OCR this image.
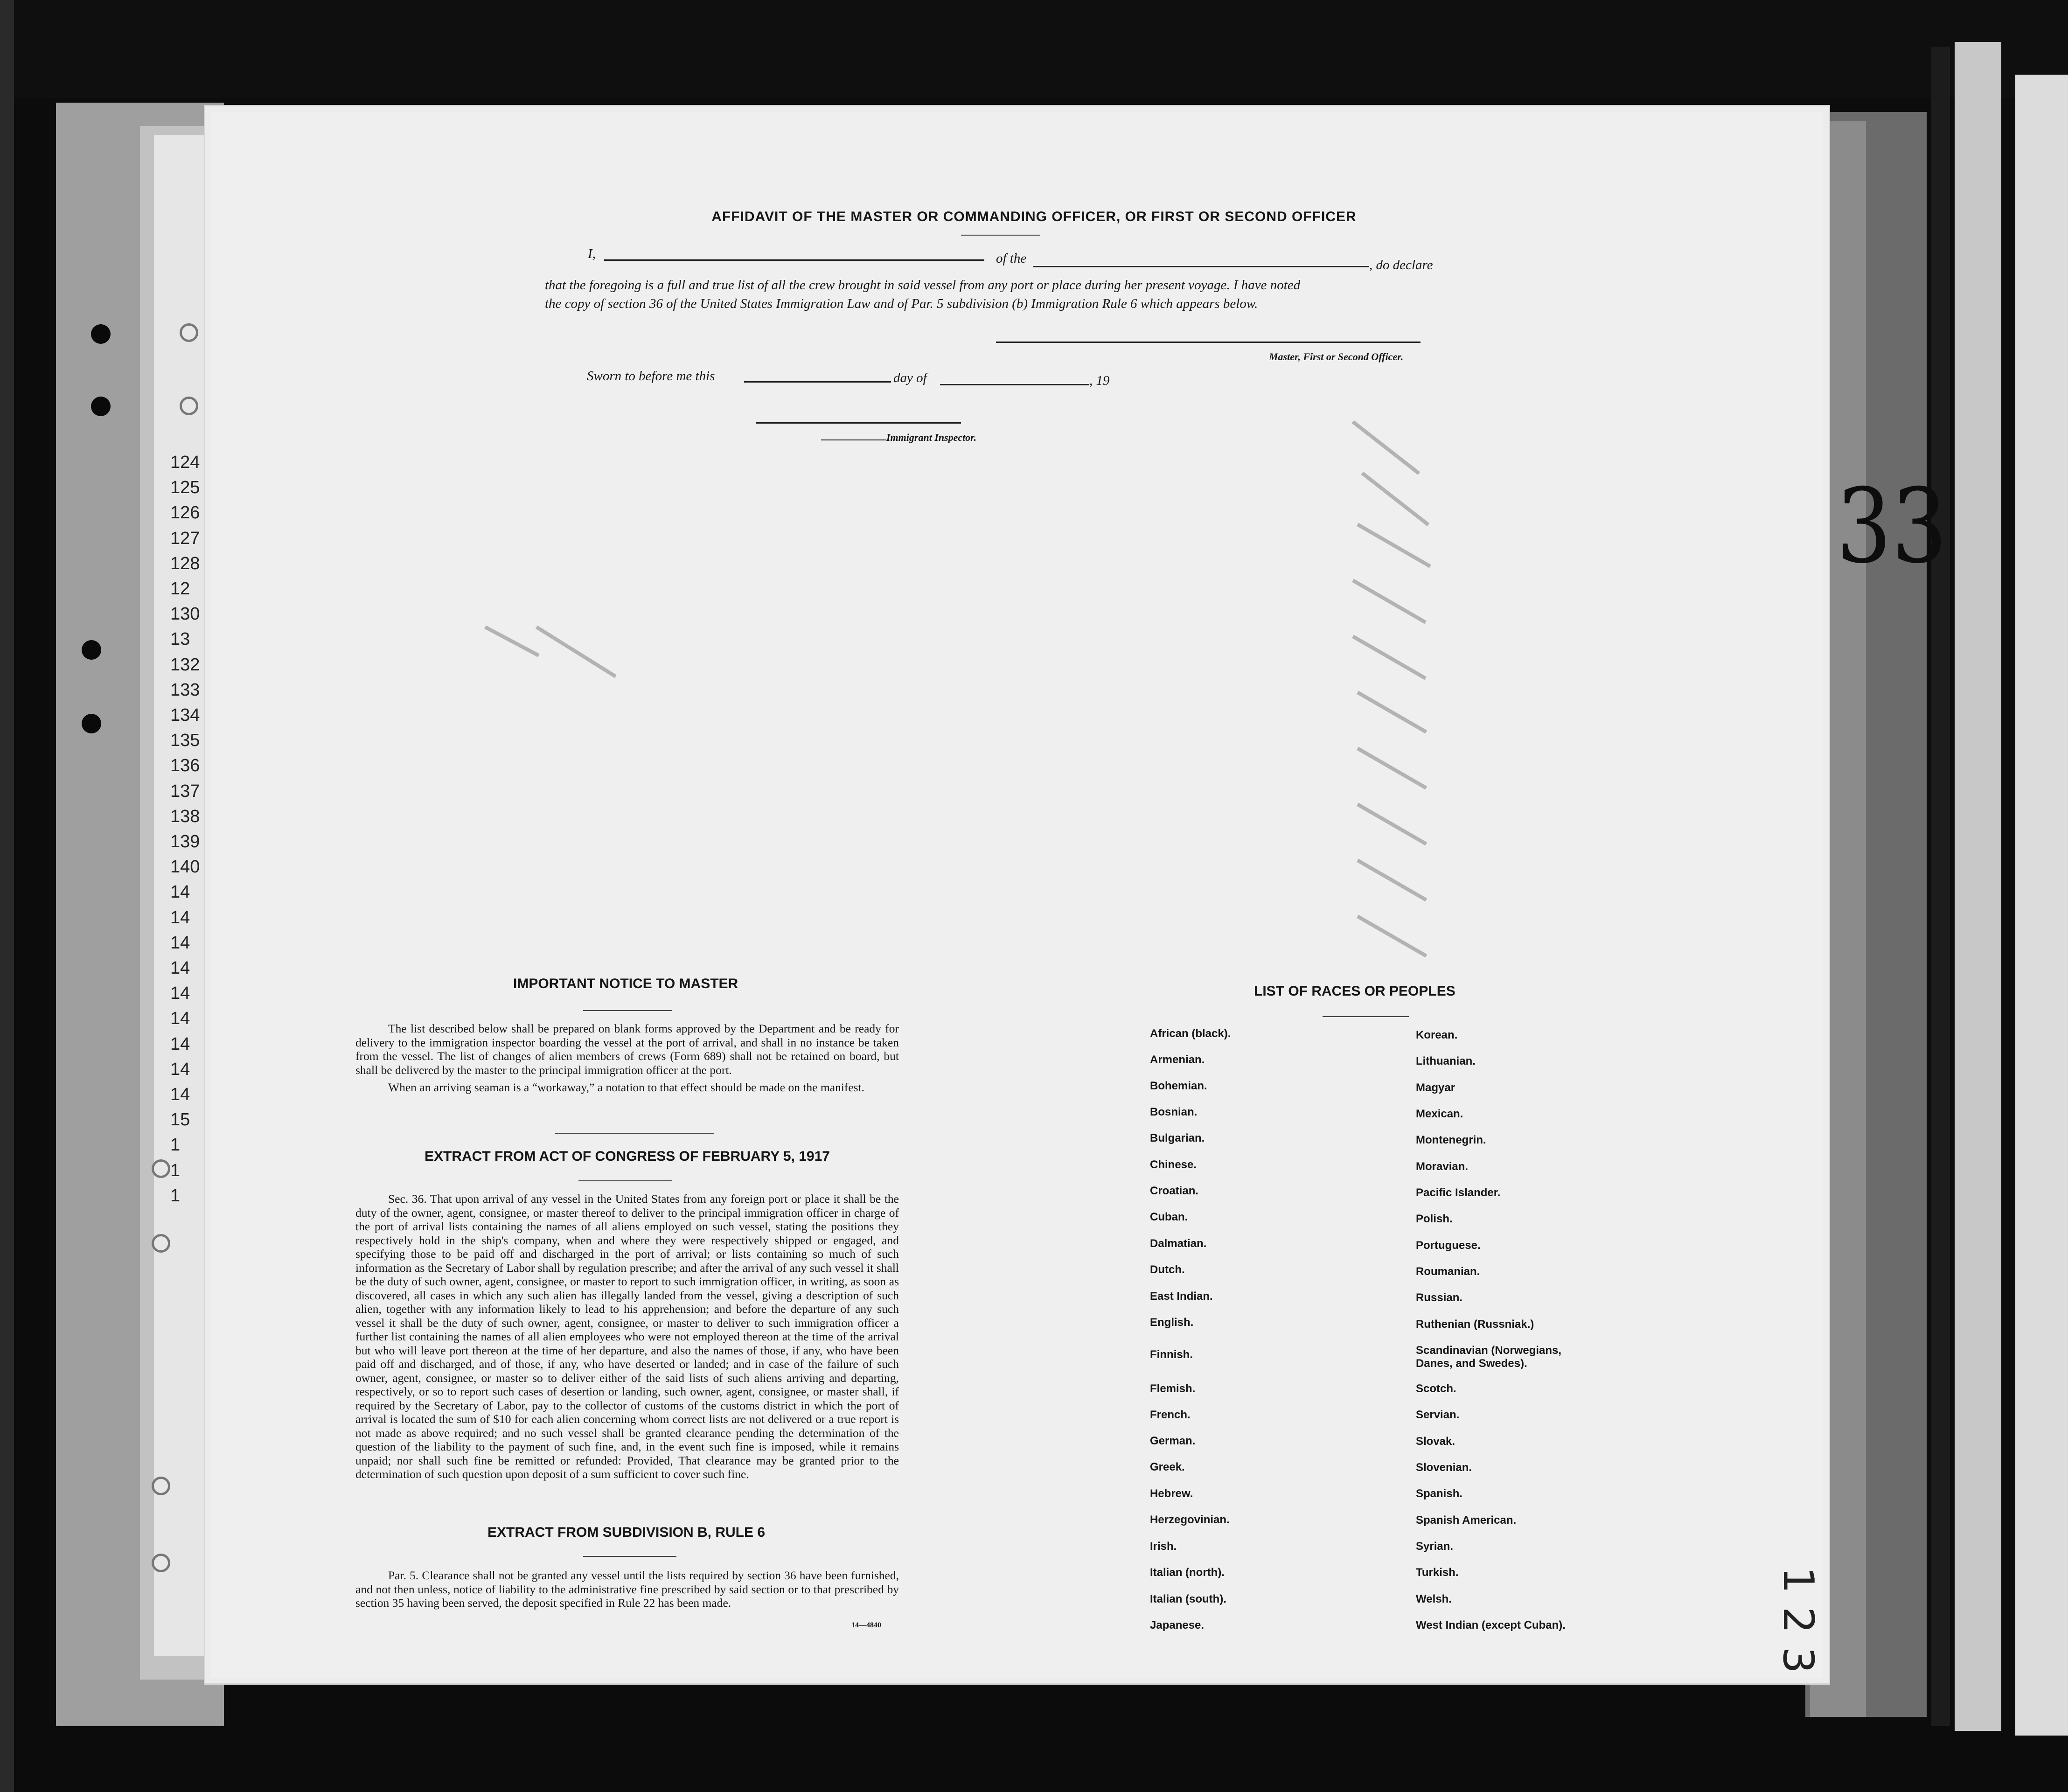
124
125
126
127
128
12
130
13
132
133
134
135
136
137
138
139
140
14
14
14
14
14
14
14
14
14
15
1
1
1
33
1 2 3
AFFIDAVIT OF THE MASTER OR COMMANDING OFFICER, OR FIRST OR SECOND OFFICER
I,	of the	, do declare
that the foregoing is a full and true list of all the crew brought in said vessel from any port or place during her present voyage. I have noted
the copy of section 36 of the United States Immigration Law and of Par. 5 subdivision (b) Immigration Rule 6 which appears below.
Master, First or Second Officer.
Sworn to before me this	day of	, 19
Immigrant Inspector.
IMPORTANT NOTICE TO MASTER

The list described below shall be prepared on blank forms approved by the Department and be ready for delivery to the immigration inspector boarding the vessel at the port of arrival, and shall in no instance be taken from the vessel. The list of changes of alien members of crews (Form 689) shall not be retained on board, but shall be delivered by the master to the principal immigration officer at the port.

When an arriving seaman is a “workaway,” a notation to that effect should be made on the manifest.

EXTRACT FROM ACT OF CONGRESS OF FEBRUARY 5, 1917

Sec. 36. That upon arrival of any vessel in the United States from any foreign port or place it shall be the duty of the owner, agent, consignee, or master thereof to deliver to the principal immigration officer in charge of the port of arrival lists containing the names of all aliens employed on such vessel, stating the positions they respectively hold in the ship's company, when and where they were respectively shipped or engaged, and specifying those to be paid off and discharged in the port of arrival; or lists containing so much of such information as the Secretary of Labor shall by regulation prescribe; and after the arrival of any such vessel it shall be the duty of such owner, agent, consignee, or master to report to such immigration officer, in writing, as soon as discovered, all cases in which any such alien has illegally landed from the vessel, giving a description of such alien, together with any information likely to lead to his apprehension; and before the departure of any such vessel it shall be the duty of such owner, agent, consignee, or master to deliver to such immigration officer a further list containing the names of all alien employees who were not employed thereon at the time of the arrival but who will leave port thereon at the time of her departure, and also the names of those, if any, who have been paid off and discharged, and of those, if any, who have deserted or landed; and in case of the failure of such owner, agent, consignee, or master so to deliver either of the said lists of such aliens arriving and departing, respectively, or so to report such cases of desertion or landing, such owner, agent, consignee, or master shall, if required by the Secretary of Labor, pay to the collector of customs of the customs district in which the port of arrival is located the sum of $10 for each alien concerning whom correct lists are not delivered or a true report is not made as above required; and no such vessel shall be granted clearance pending the determination of the question of the liability to the payment of such fine, and, in the event such fine is imposed, while it remains unpaid; nor shall such fine be remitted or refunded: Provided, That clearance may be granted prior to the determination of such question upon deposit of a sum sufficient to cover such fine.

EXTRACT FROM SUBDIVISION B, RULE 6

Par. 5. Clearance shall not be granted any vessel until the lists required by section 36 have been furnished, and not then unless, notice of liability to the administrative fine prescribed by said section or to that prescribed by section 35 having been served, the deposit specified in Rule 22 has been made.

14—4840
LIST OF RACES OR PEOPLES
African (black).
Armenian.
Bohemian.
Bosnian.
Bulgarian.
Chinese.
Croatian.
Cuban.
Dalmatian.
Dutch.
East Indian.
English.
Finnish.
Flemish.
French.
German.
Greek.
Hebrew.
Herzegovinian.
Irish.
Italian (north).
Italian (south).
Japanese.
Korean.
Lithuanian.
Magyar
Mexican.
Montenegrin.
Moravian.
Pacific Islander.
Polish.
Portuguese.
Roumanian.
Russian.
Ruthenian (Russniak.)
Scandinavian (Norwegians, Danes, and Swedes).
Scotch.
Servian.
Slovak.
Slovenian.
Spanish.
Spanish American.
Syrian.
Turkish.
Welsh.
West Indian (except Cuban).
